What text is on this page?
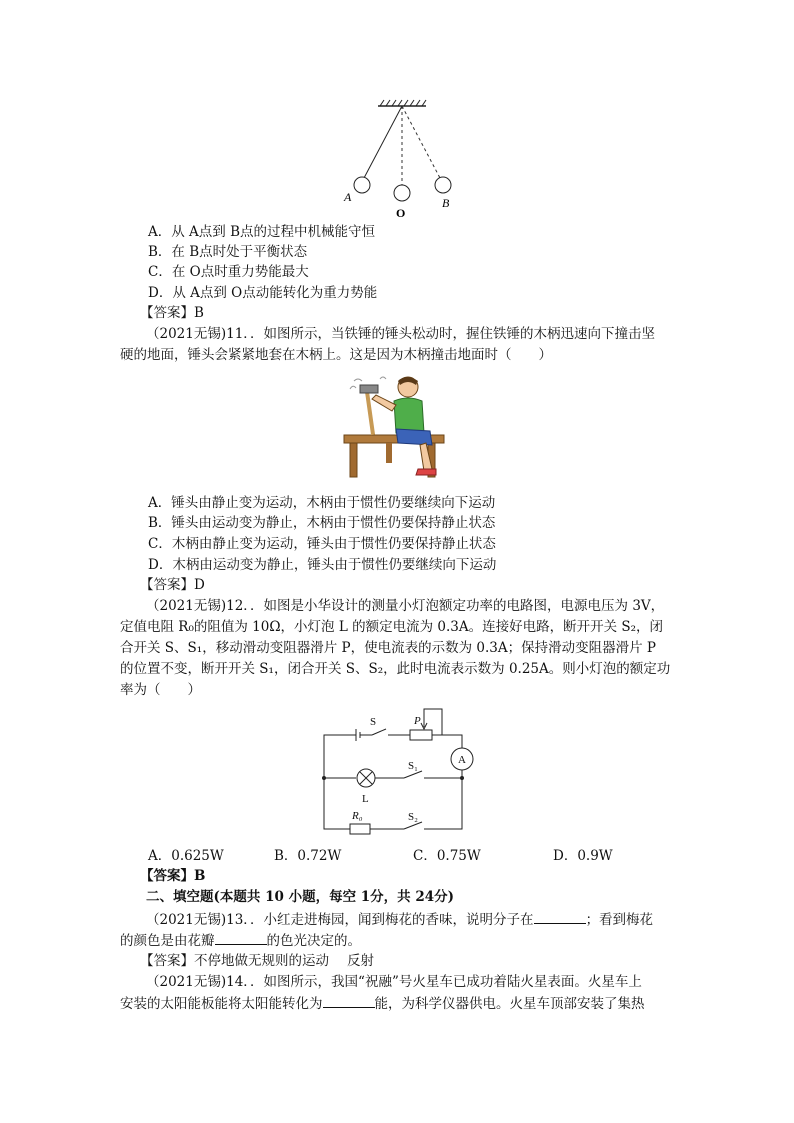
A
O
B
A．从 A点到 B点的过程中机械能守恒
B．在 B点时处于平衡状态
C．在 O点时重力势能最大
D．从 A点到 O点动能转化为重力势能
【答案】B
（2021无锡)11．．如图所示，当铁锤的锤头松动时，握住铁锤的木柄迅速向下撞击坚
硬的地面，锤头会紧紧地套在木柄上。这是因为木柄撞击地面时（　　）
A．锤头由静止变为运动，木柄由于惯性仍要继续向下运动
B．锤头由运动变为静止，木柄由于惯性仍要保持静止状态
C．木柄由静止变为运动，锤头由于惯性仍要保持静止状态
D．木柄由运动变为静止，锤头由于惯性仍要继续向下运动
【答案】D
（2021无锡)12．．如图是小华设计的测量小灯泡额定功率的电路图，电源电压为 3V，
定值电阻 R₀的阻值为 10Ω，小灯泡 L 的额定电流为 0.3A。连接好电路，断开开关 S₂，闭
合开关 S、S₁，移动滑动变阻器滑片 P，使电流表的示数为 0.3A；保持滑动变阻器滑片 P
的位置不变，断开开关 S₁，闭合开关 S、S₂，此时电流表示数为 0.25A。则小灯泡的额定功
率为（　　）
S	P
A
S₁
L
R₀	S₂
A．0.625W	B．0.72W	C．0.75W	D．0.9W
【答案】B
二、填空题(本题共 10 小题，每空 1分，共 24分)
（2021无锡)13．．小红走进梅园，闻到梅花的香味，说明分子在	；看到梅花
的颜色是由花瓣	的色光决定的。
【答案】不停地做无规则的运动 反射
（2021无锡)14．．如图所示，我国“祝融”号火星车已成功着陆火星表面。火星车上
安装的太阳能板能将太阳能转化为	能，为科学仪器供电。火星车顶部安装了集热
